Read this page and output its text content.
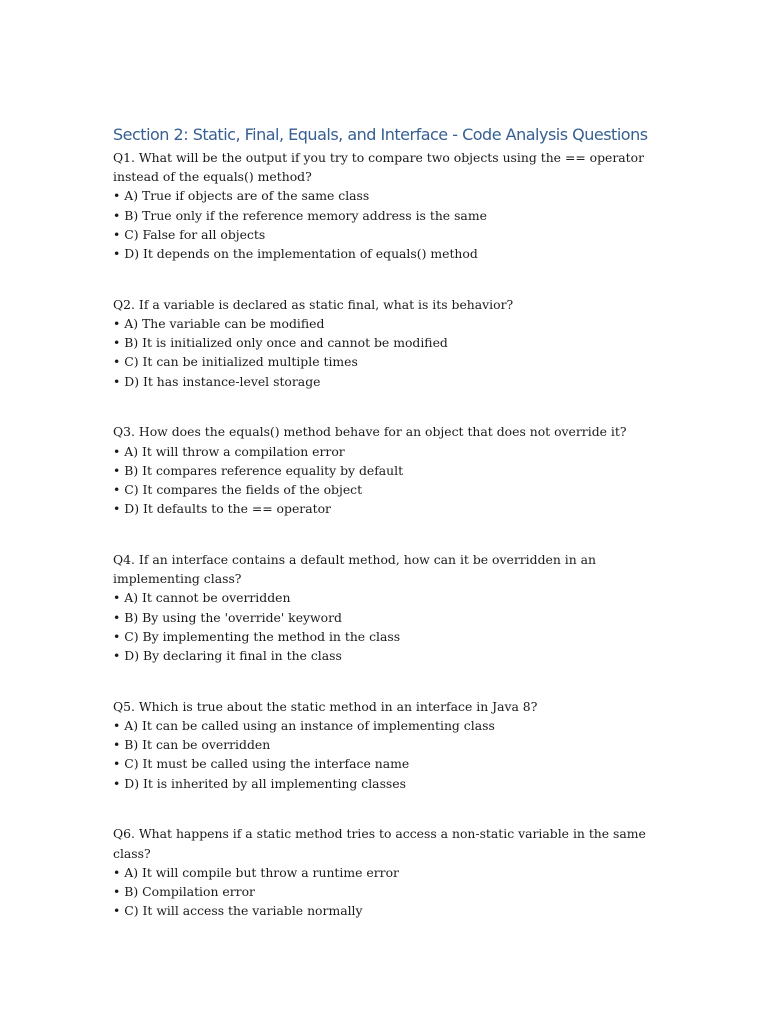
Section 2: Static, Final, Equals, and Interface - Code Analysis Questions

Q1. What will be the output if you try to compare two objects using the == operator instead of the equals() method?

• A) True if objects are of the same class
• B) True only if the reference memory address is the same
• C) False for all objects
• D) It depends on the implementation of equals() method

Q2. If a variable is declared as static final, what is its behavior?

• A) The variable can be modified
• B) It is initialized only once and cannot be modified
• C) It can be initialized multiple times
• D) It has instance-level storage

Q3. How does the equals() method behave for an object that does not override it?

• A) It will throw a compilation error
• B) It compares reference equality by default
• C) It compares the fields of the object
• D) It defaults to the == operator

Q4. If an interface contains a default method, how can it be overridden in an implementing class?

• A) It cannot be overridden
• B) By using the 'override' keyword
• C) By implementing the method in the class
• D) By declaring it final in the class

Q5. Which is true about the static method in an interface in Java 8?

• A) It can be called using an instance of implementing class
• B) It can be overridden
• C) It must be called using the interface name
• D) It is inherited by all implementing classes

Q6. What happens if a static method tries to access a non-static variable in the same class?

• A) It will compile but throw a runtime error
• B) Compilation error
• C) It will access the variable normally
